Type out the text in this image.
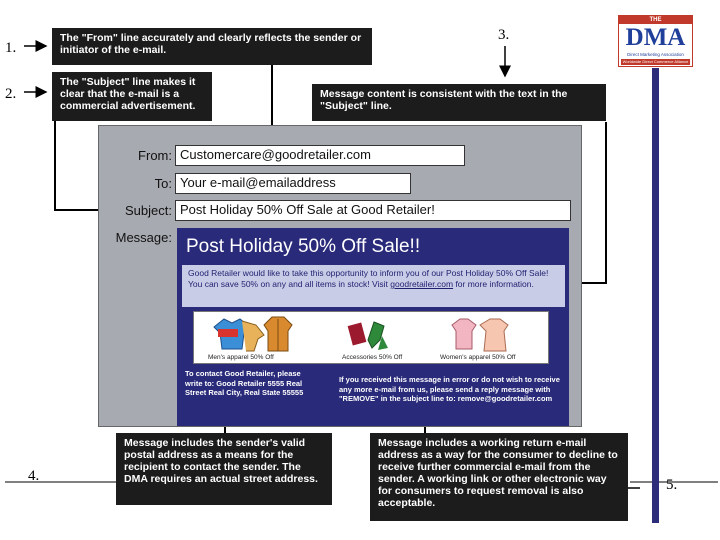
1.
2.
3.
4.
5.
The "From" line accurately and clearly reflects the sender or initiator of the e-mail.
The "Subject" line makes it clear that the e-mail is a commercial advertisement.
Message content is consistent with the text in the "Subject" line.
Message includes the sender's valid postal address as a means for the recipient to contact the sender. The DMA requires an actual street address.
Message includes a working return e-mail address as a way for the consumer to decline to receive further commercial e-mail from the sender. A working link or other electronic way for consumers to request removal is also acceptable.
From: Customercare@goodretailer.com
To: Your e-mail@emailaddress
Subject: Post Holiday 50% Off Sale at Good Retailer!
Message: Post Holiday 50% Off Sale!!
Good Retailer would like to take this opportunity to inform you of our Post Holiday 50% Off Sale! You can save 50% on any and all items in stock! Visit goodretailer.com for more information.
Men's apparel 50% Off	Accessories 50% Off	Women's apparel 50% Off
To contact Good Retailer, please write to: Good Retailer 5555 Real Street Real City, Real State 55555
If you received this message in error or do not wish to receive any more e-mail from us, please send a reply message with "REMOVE" in the subject line to: remove@goodretailer.com
THE
DMA
Direct Marketing Association
Worldwide Direct Commerce Alliance
